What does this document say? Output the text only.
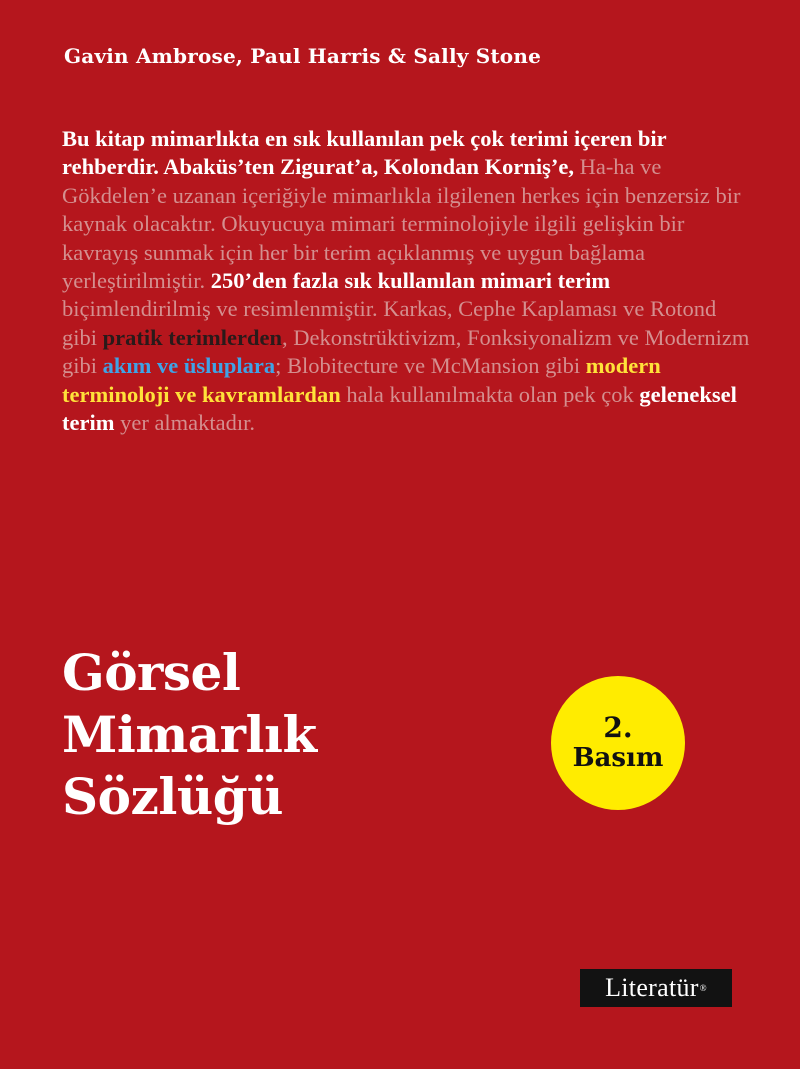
Gavin Ambrose, Paul Harris & Sally Stone
Bu kitap mimarlıkta en sık kullanılan pek çok terimi içeren bir rehberdir. Abaküs’ten Zigurat’a, Kolondan Korniş’e, Ha-ha ve Gökdelen’e uzanan içeriğiyle mimarlıkla ilgilenen herkes için benzersiz bir kaynak olacaktır. Okuyucuya mimari terminolojiyle ilgili gelişkin bir kavrayış sunmak için her bir terim açıklanmış ve uygun bağlama yerleştirilmiştir. 250’den fazla sık kullanılan mimari terim biçimlendirilmiş ve resimlenmiştir. Karkas, Cephe Kaplaması ve Rotond gibi pratik terimlerden, Dekonstrüktivizm, Fonksiyonalizm ve Modernizm gibi akım ve üsluplara; Blobitecture ve McMansion gibi modern terminoloji ve kavramlardan hala kullanılmakta olan pek çok geleneksel terim yer almaktadır.
Görsel
Mimarlık
Sözlüğü
2.
Basım
Literatür ®
